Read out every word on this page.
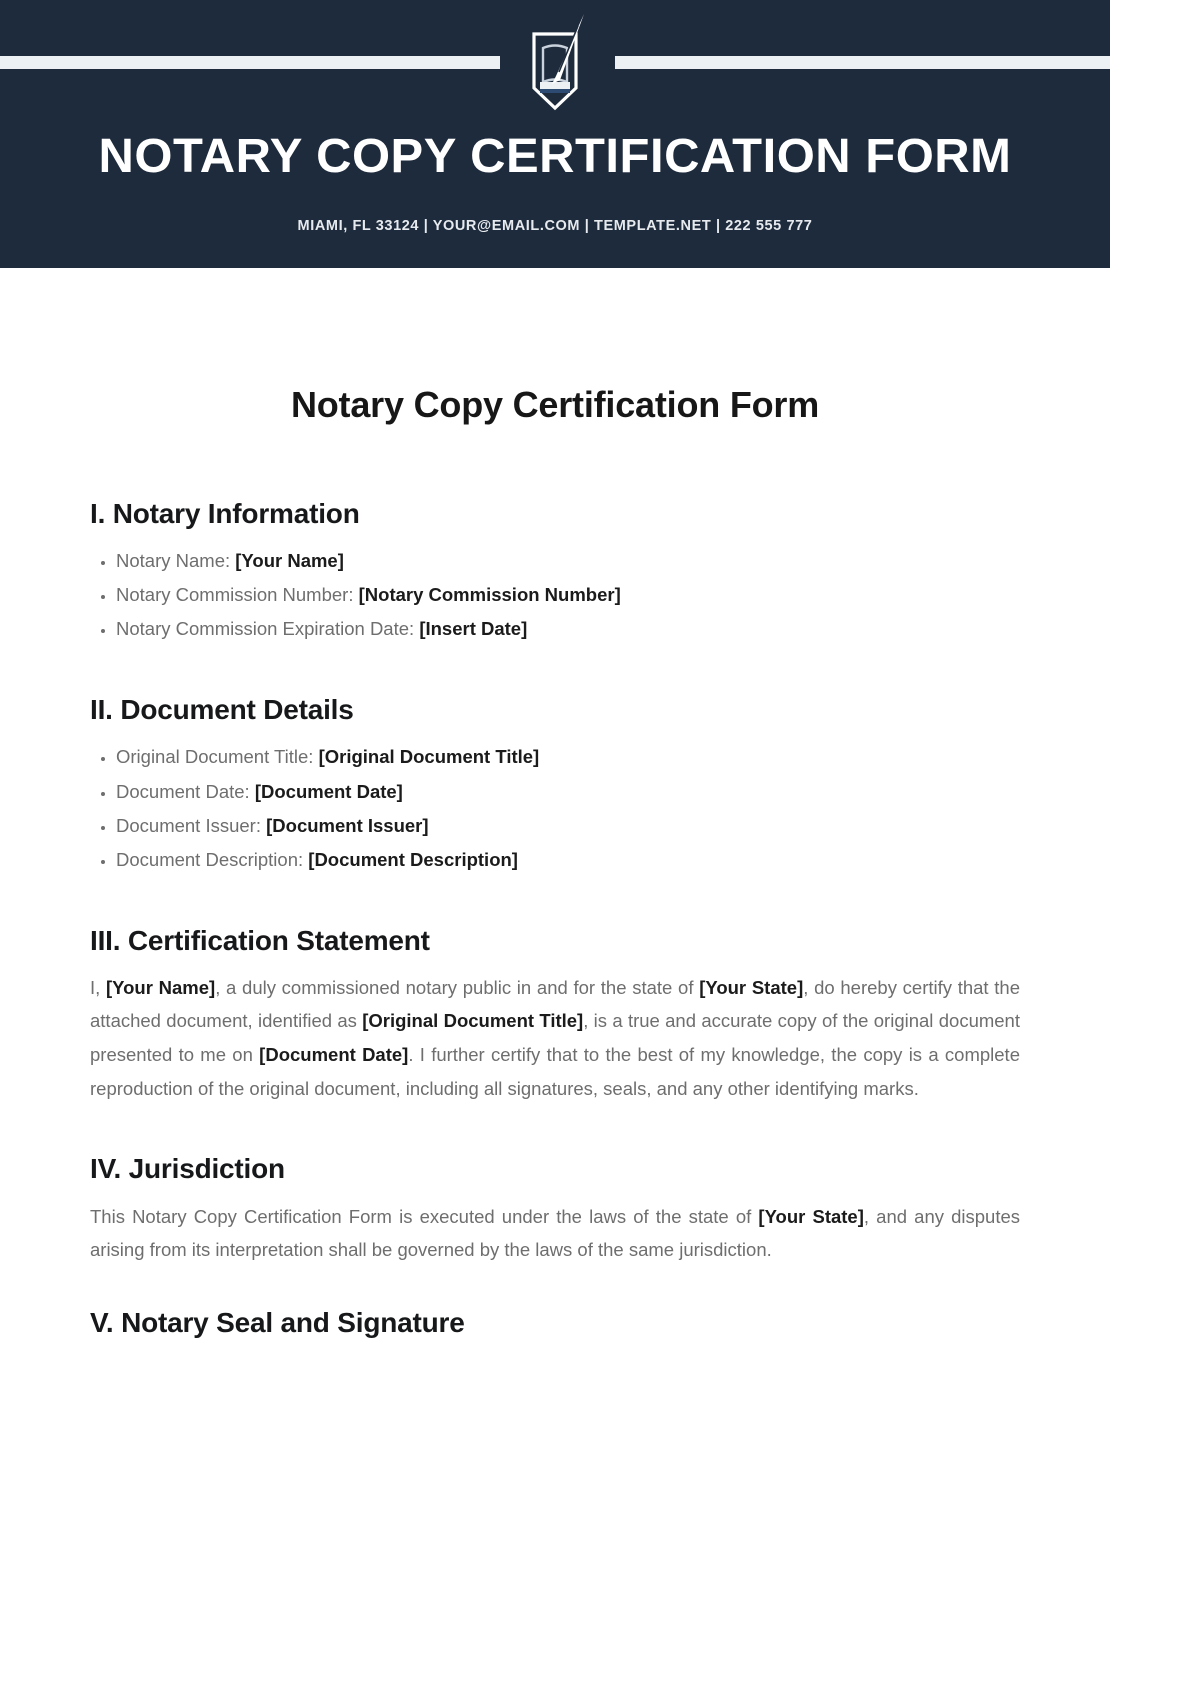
NOTARY COPY CERTIFICATION FORM
MIAMI, FL 33124 | YOUR@EMAIL.COM | TEMPLATE.NET | 222 555 777
Notary Copy Certification Form
I. Notary Information
• Notary Name: [Your Name]
• Notary Commission Number: [Notary Commission Number]
• Notary Commission Expiration Date: [Insert Date]
II. Document Details
• Original Document Title: [Original Document Title]
• Document Date: [Document Date]
• Document Issuer: [Document Issuer]
• Document Description: [Document Description]
III. Certification Statement

I, [Your Name], a duly commissioned notary public in and for the state of [Your State], do hereby certify that the attached document, identified as [Original Document Title], is a true and accurate copy of the original document presented to me on [Document Date]. I further certify that to the best of my knowledge, the copy is a complete reproduction of the original document, including all signatures, seals, and any other identifying marks.

IV. Jurisdiction

This Notary Copy Certification Form is executed under the laws of the state of [Your State], and any disputes arising from its interpretation shall be governed by the laws of the same jurisdiction.

V. Notary Seal and Signature
